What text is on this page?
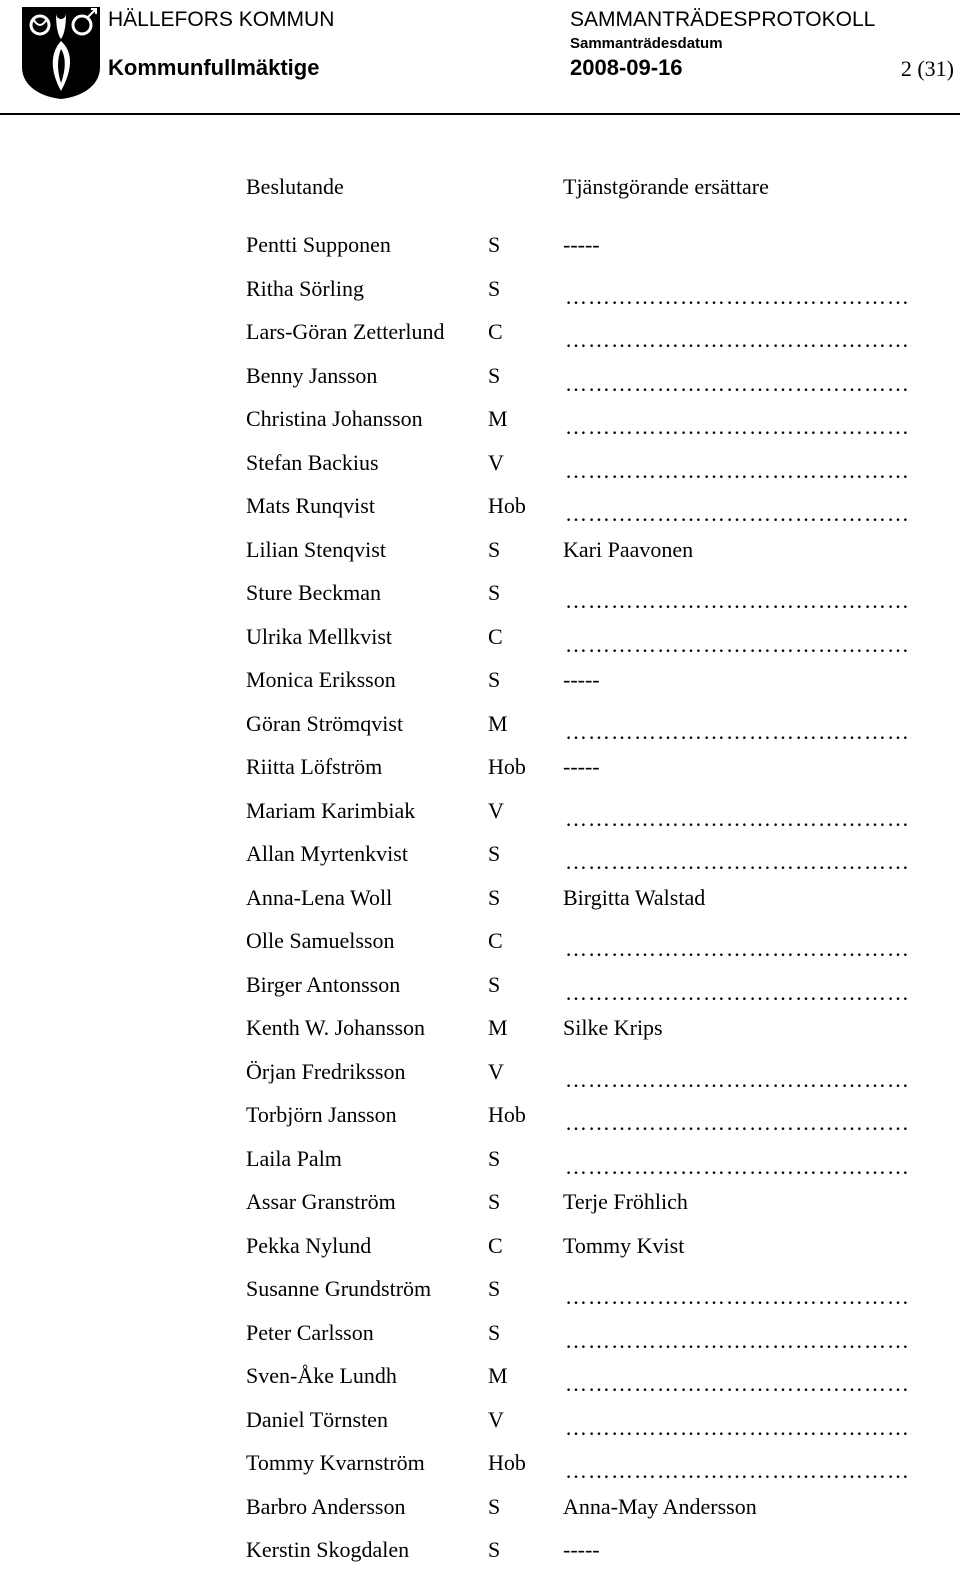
HÄLLEFORS KOMMUN	SAMMANTRÄDESPROTOKOLL
Sammanträdesdatum
Kommunfullmäktige	2008-09-16	2 (31)
Beslutande	Tjänstgörande ersättare
Pentti Supponen	S	-----
Ritha Sörling	S	………………………………………
Lars-Göran Zetterlund C	………………………………………
Benny Jansson	S	………………………………………
Christina Johansson	M	………………………………………
Stefan Backius	V	………………………………………
Mats Runqvist	Hob ………………………………………
Lilian Stenqvist	S	Kari Paavonen
Sture Beckman	S	………………………………………
Ulrika Mellkvist	C	………………………………………
Monica Eriksson	S	-----
Göran Strömqvist	M	………………………………………
Riitta Löfström	Hob -----
Mariam Karimbiak	V	………………………………………
Allan Myrtenkvist	S	………………………………………
Anna-Lena Woll	S	Birgitta Walstad
Olle Samuelsson	C	………………………………………
Birger Antonsson	S	………………………………………
Kenth W. Johansson	M	Silke Krips
Örjan Fredriksson	V	………………………………………
Torbjörn Jansson	Hob ………………………………………
Laila Palm	S	………………………………………
Assar Granström	S	Terje Fröhlich
Pekka Nylund	C	Tommy Kvist
Susanne Grundström	S	………………………………………
Peter Carlsson	S	………………………………………
Sven-Åke Lundh	M	………………………………………
Daniel Törnsten	V	………………………………………
Tommy Kvarnström	Hob ………………………………………
Barbro Andersson	S	Anna-May Andersson
Kerstin Skogdalen	S	-----
